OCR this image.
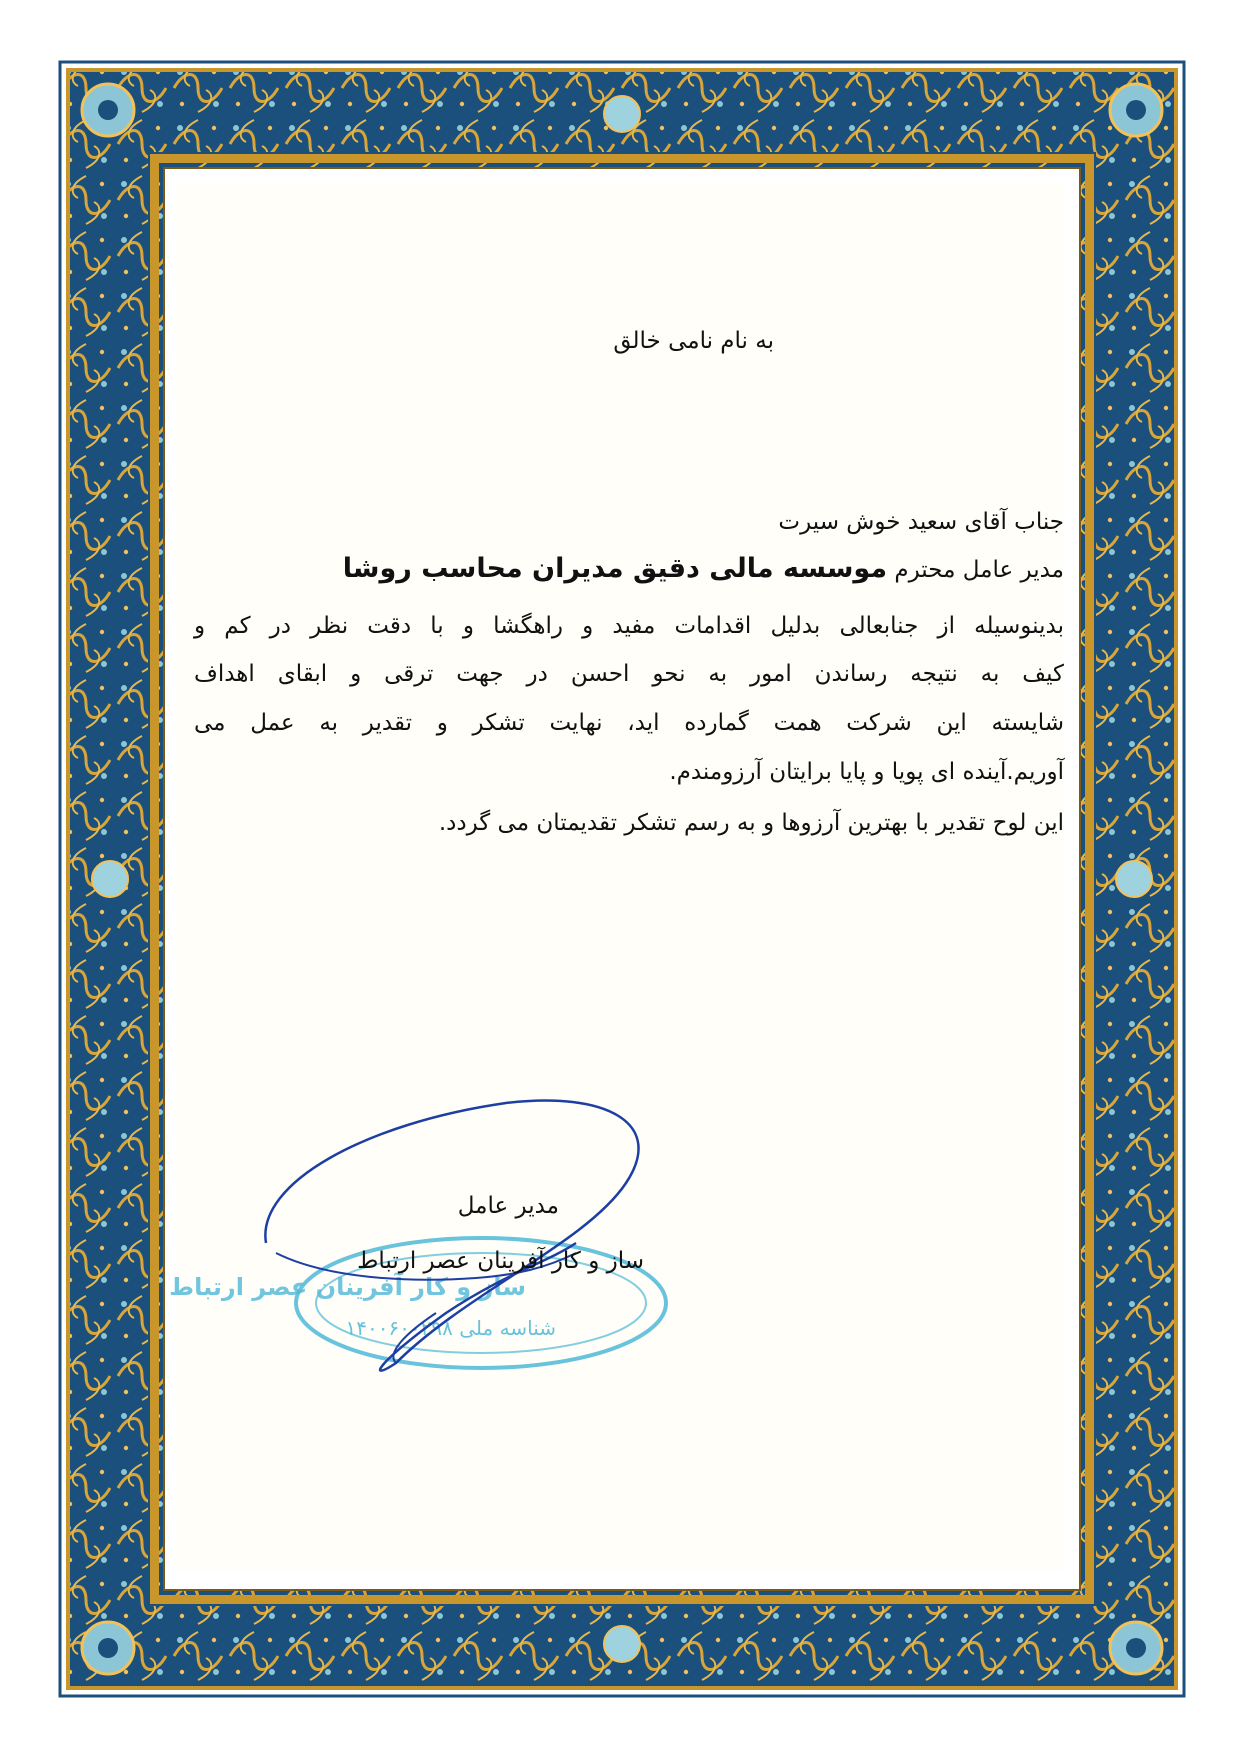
به نام نامی خالق
جناب آقای سعید خوش سیرت
مدیر عامل محترم موسسه مالی دقیق مدیران محاسب روشا
بدینوسیله از جنابعالی بدلیل اقدامات مفید و راهگشا و با دقت نظر در کم و
کیف به نتیجه رساندن امور به نحو احسن در جهت ترقی و ابقای اهداف
شایسته این شرکت همت گمارده اید، نهایت تشکر و تقدیر به عمل می
آوریم.آینده ای پویا و پایا برایتان آرزومندم.
این لوح تقدیر با بهترین آرزوها و به رسم تشکر تقدیمتان می گردد.
ساز و کار آفرینان عصر ارتباط
شناسه ملی ۱۴۰۰۶۰۰۲۹۸
مدیر عامل
ساز و کار آفرینان عصر ارتباط
